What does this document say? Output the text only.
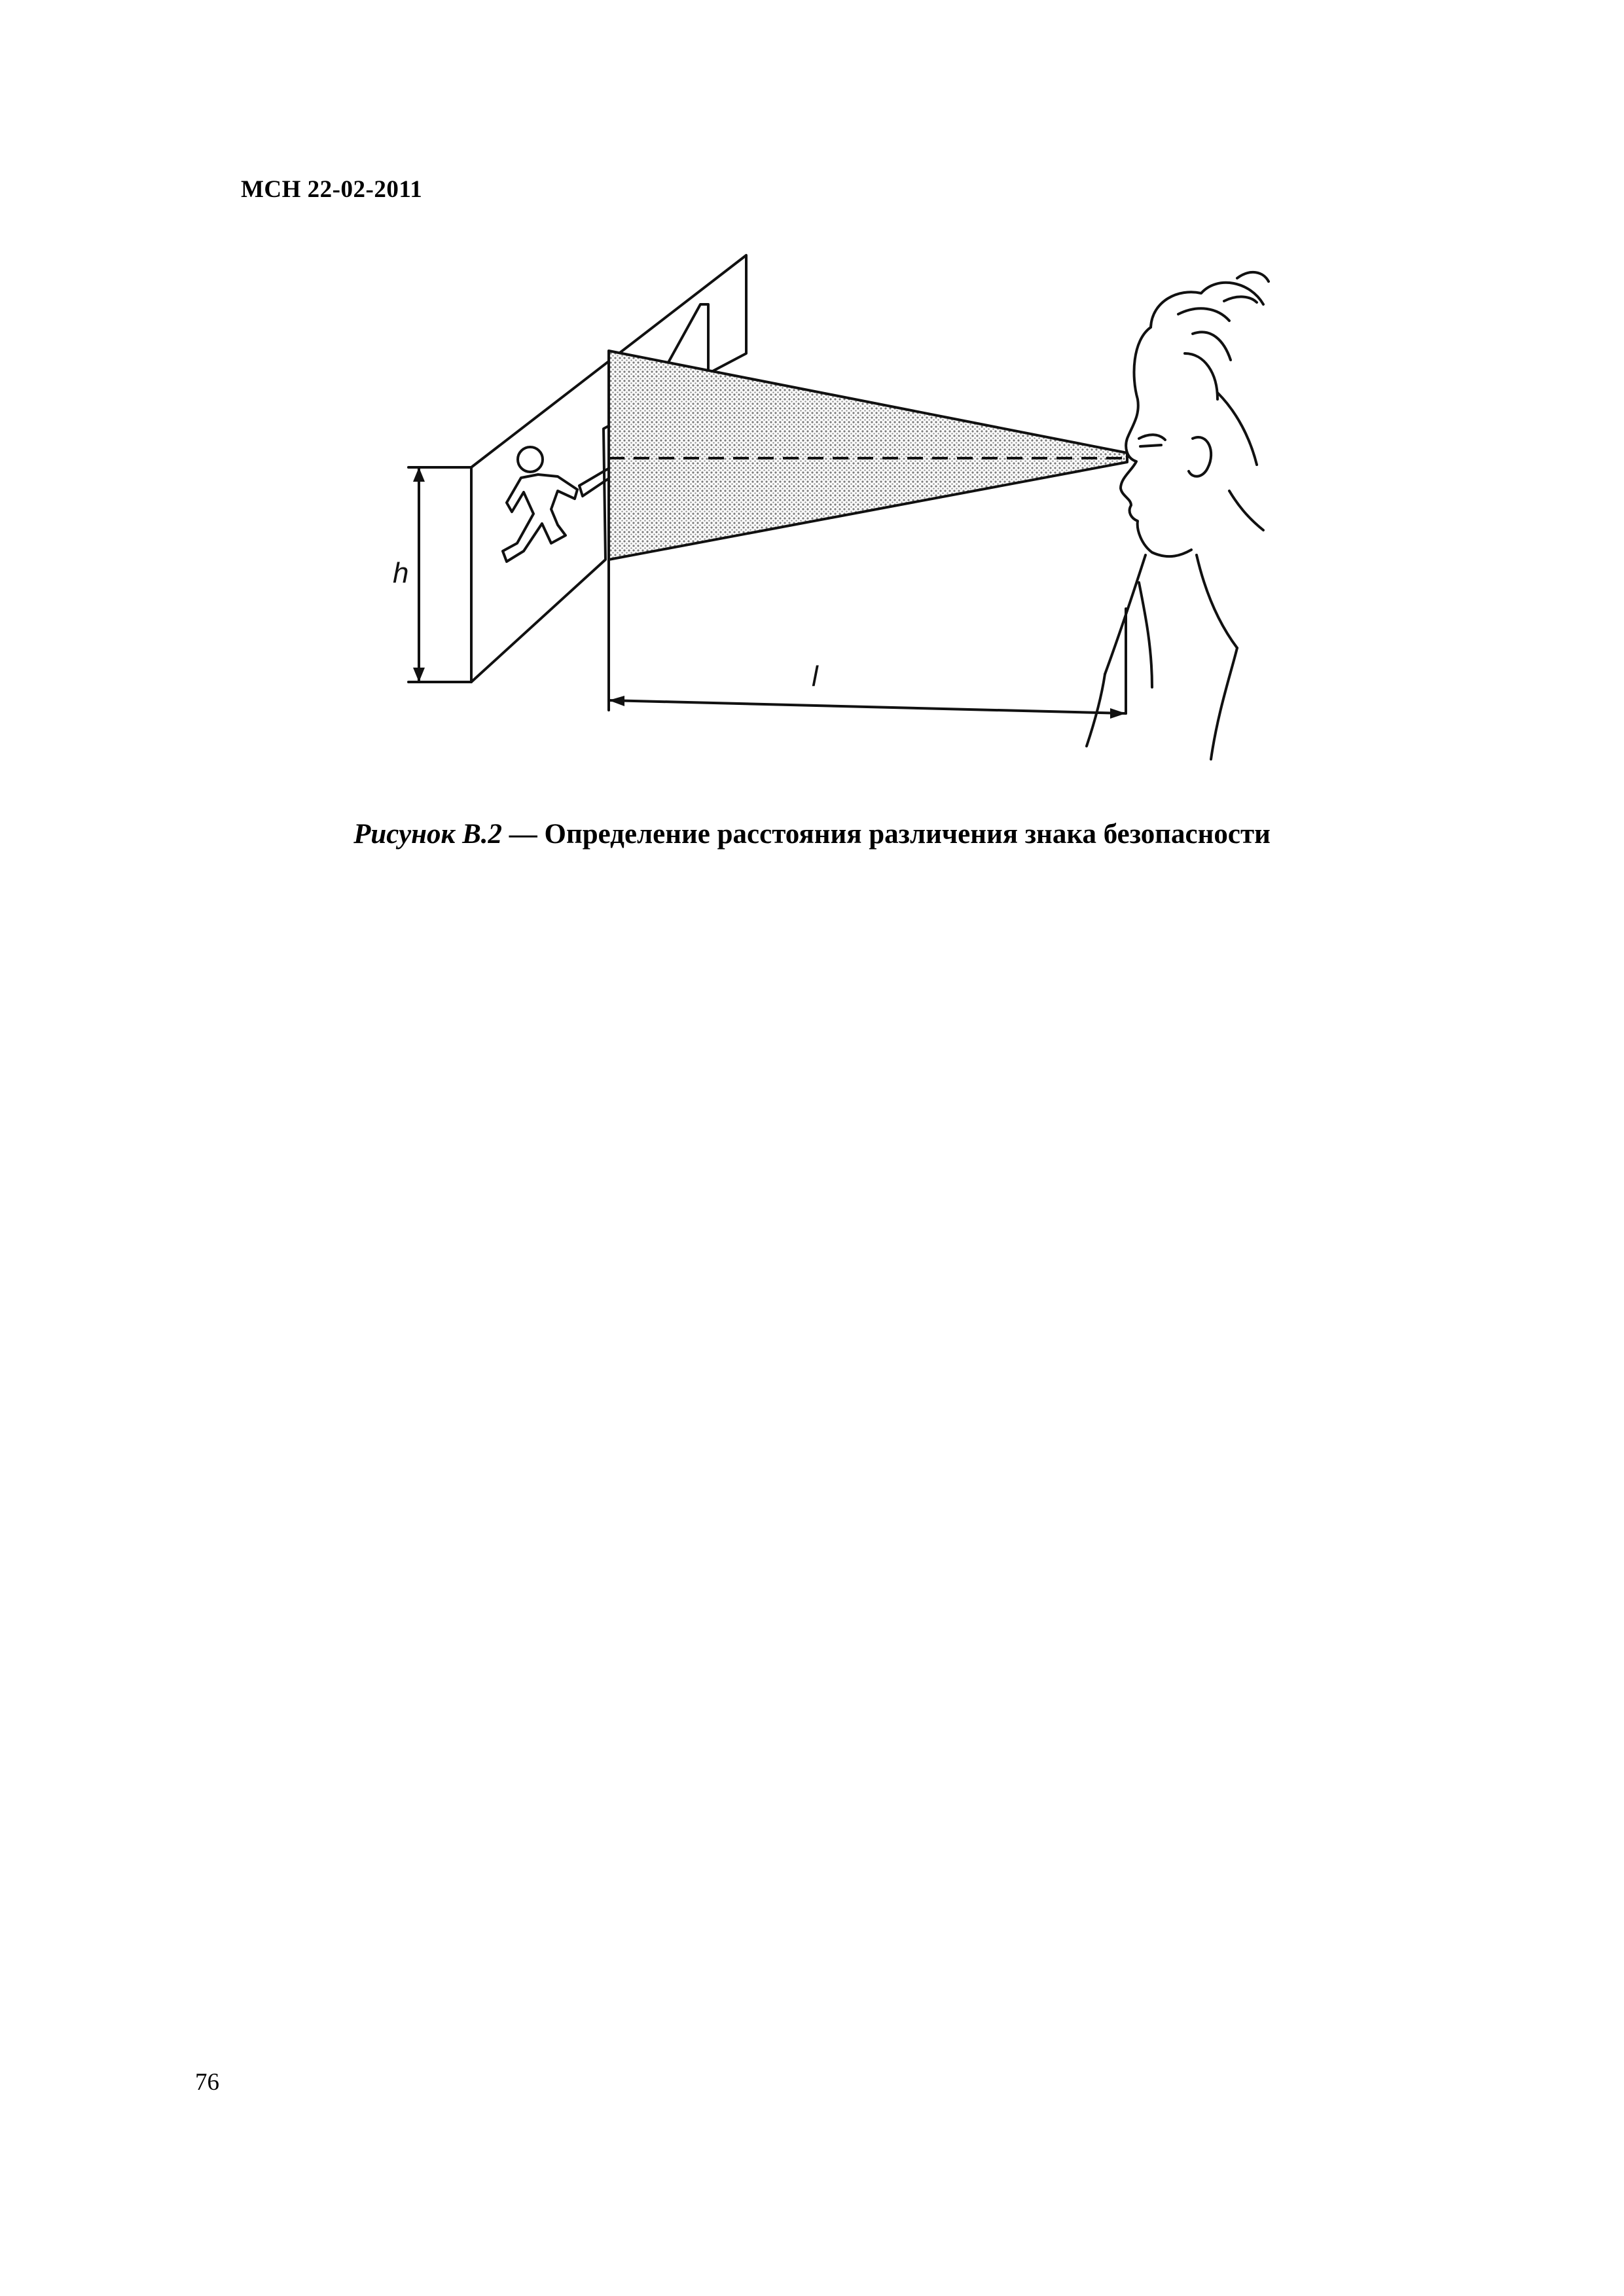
МСН 22-02-2011
h
l
Рисунок В.2 — Определение расстояния различения знака безопасности
76
